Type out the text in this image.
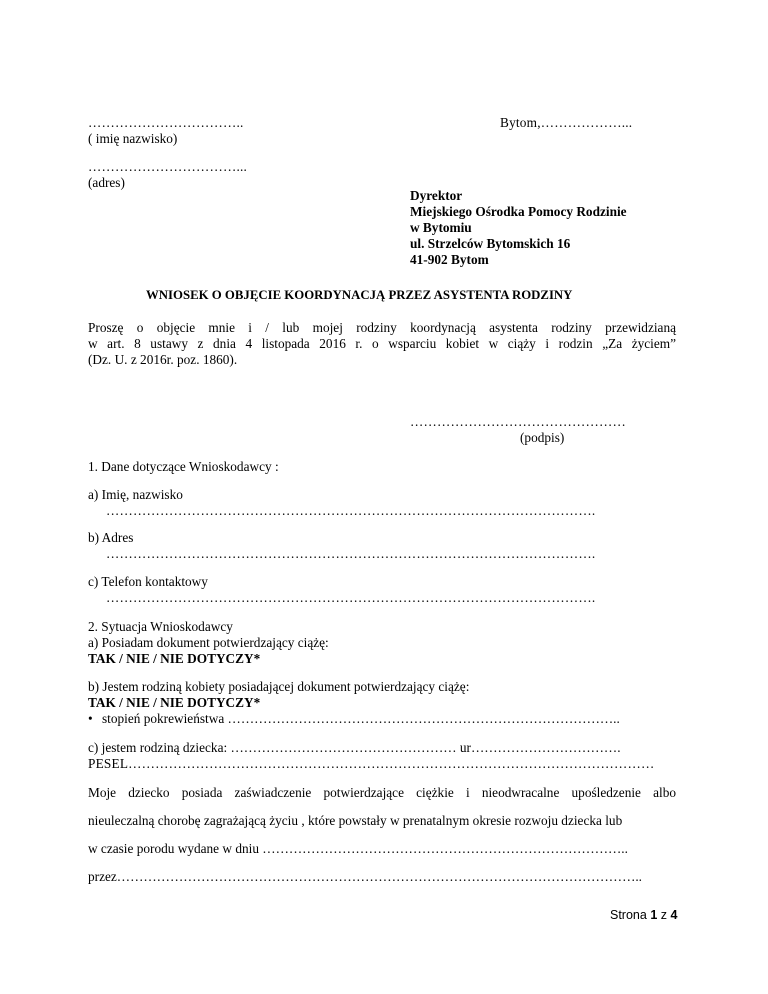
……………………………..
( imię nazwisko)
Bytom,………………...
……………………………...
(adres)
Dyrektor
Miejskiego Ośrodka Pomocy Rodzinie
w Bytomiu
ul. Strzelców Bytomskich 16
41-902 Bytom
WNIOSEK O OBJĘCIE KOORDYNACJĄ PRZEZ ASYSTENTA RODZINY
Proszę o objęcie mnie i / lub mojej rodziny koordynacją asystenta rodziny przewidzianą
w art. 8 ustawy z dnia 4 listopada 2016 r. o wsparciu kobiet w ciąży i rodzin „Za życiem”
(Dz. U. z 2016r. poz. 1860).
…………………………………………
(podpis)
1. Dane dotyczące Wnioskodawcy :
a) Imię, nazwisko
……………………………………………………………………………………………….
b) Adres
……………………………………………………………………………………………….
c) Telefon kontaktowy
……………………………………………………………………………………………….
2. Sytuacja Wnioskodawcy
a) Posiadam dokument potwierdzający ciążę:
TAK / NIE / NIE DOTYCZY*
b) Jestem rodziną kobiety posiadającej dokument potwierdzający ciążę:
TAK / NIE / NIE DOTYCZY*
• stopień pokrewieństwa ……………………………………………………………………………..
c) jestem rodziną dziecka: …………………………………………… ur…………………………….
PESEL………………………………………………………………………………………………………
Moje dziecko posiada zaświadczenie potwierdzające ciężkie i nieodwracalne upośledzenie albo
nieuleczalną chorobę zagrażającą życiu , które powstały w prenatalnym okresie rozwoju dziecka lub
w czasie porodu wydane w dniu ………………………………………………………………………..
przez………………………………………………………………………………………………………..
Strona 1 z 4
